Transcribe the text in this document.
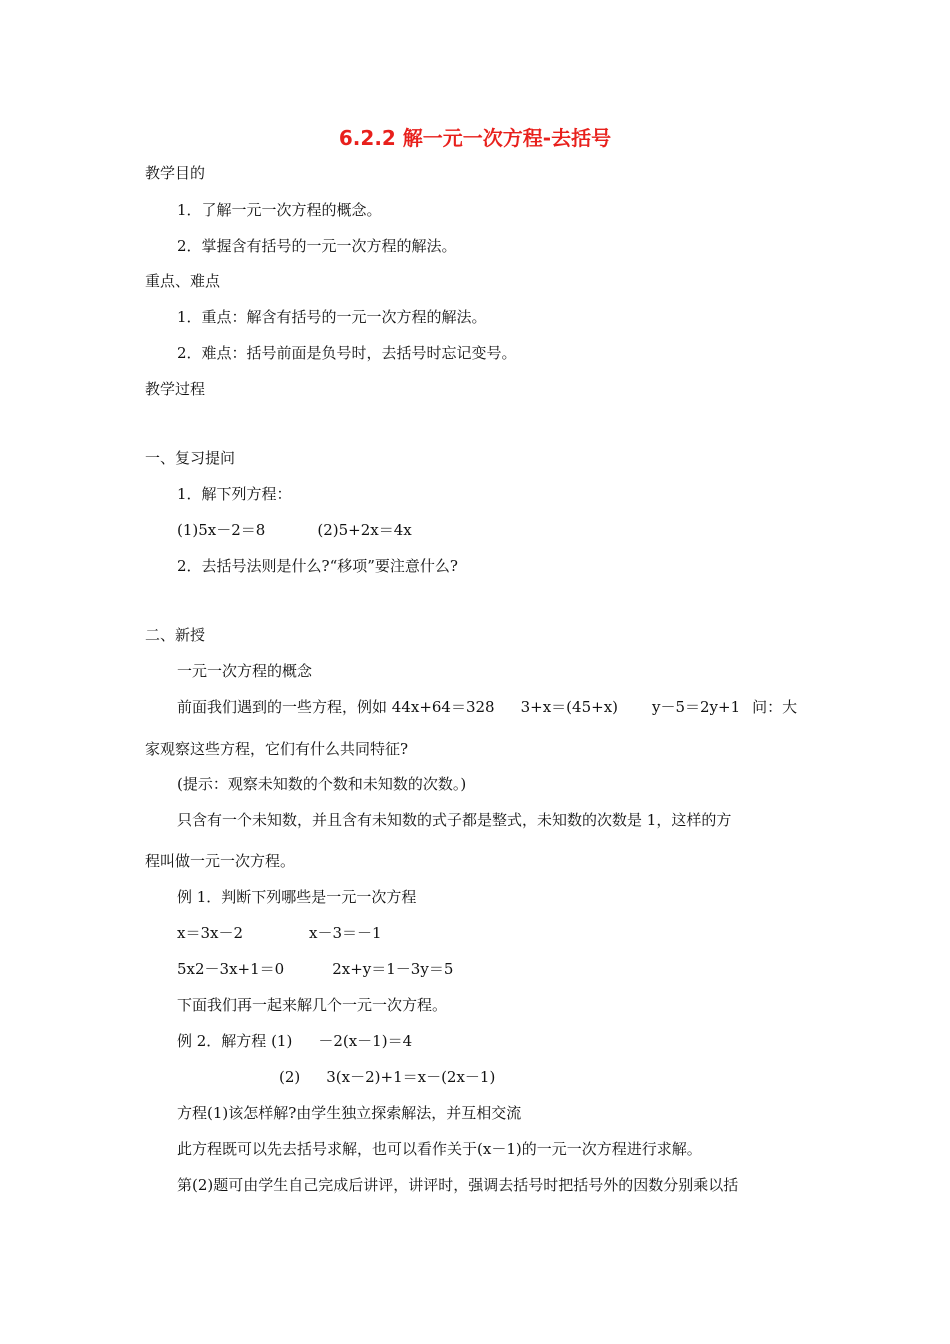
6.2.2 解一元一次方程-去括号
教学目的
1．了解一元一次方程的概念。
2．掌握含有括号的一元一次方程的解法。
重点、难点
1．重点：解含有括号的一元一次方程的解法。
2．难点：括号前面是负号时，去括号时忘记变号。
教学过程
一、复习提问
1．解下列方程：
(1)5x－2＝8	(2)5+2x＝4x
2．去括号法则是什么?“移项”要注意什么?
二、新授
一元一次方程的概念
前面我们遇到的一些方程，例如 44x+64＝328 3+x＝(45+x) y－5＝2y+1 问：大
家观察这些方程，它们有什么共同特征?
(提示：观察未知数的个数和未知数的次数。)
只含有一个未知数，并且含有未知数的式子都是整式，未知数的次数是 1，这样的方
程叫做一元一次方程。
例 1．判断下列哪些是一元一次方程
x＝3x－2	x－3＝－1
5x2－3x+1＝0	2x+y＝1－3y＝5
下面我们再一起来解几个一元一次方程。
例 2．解方程 (1) －2(x－1)＝4
(2) 3(x－2)+1＝x－(2x－1)
方程(1)该怎样解?由学生独立探索解法，并互相交流
此方程既可以先去括号求解，也可以看作关于(x－1)的一元一次方程进行求解。
第(2)题可由学生自己完成后讲评，讲评时，强调去括号时把括号外的因数分别乘以括
